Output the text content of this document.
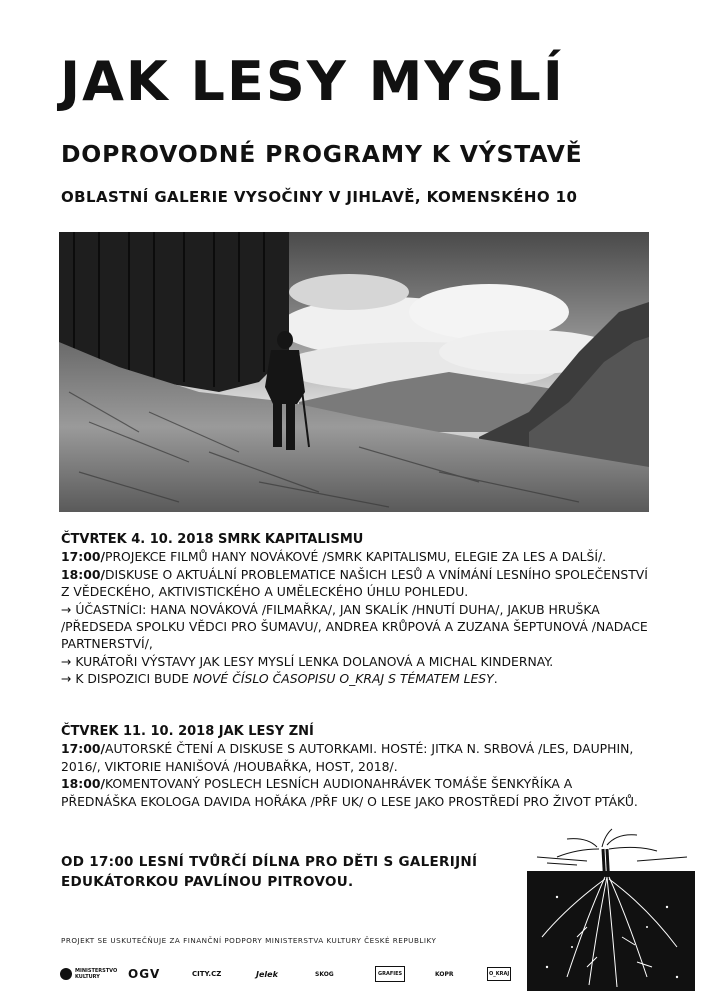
JAK LESY MYSLÍ
DOPROVODNÉ PROGRAMY K VÝSTAVĚ
OBLASTNÍ GALERIE VYSOČINY V JIHLAVĚ, KOMENSKÉHO 10

ČTVRTEK 4. 10. 2018 SMRK KAPITALISMU

17:00/PROJEKCE FILMŮ HANY NOVÁKOVÉ /SMRK KAPITALISMU, ELEGIE ZA LES A DALŠÍ/.

18:00/DISKUSE O AKTUÁLNÍ PROBLEMATICE NAŠICH LESŮ A VNÍMÁNÍ LESNÍHO SPOLEČENSTVÍ Z VĚDECKÉHO, AKTIVISTICKÉHO A UMĚLECKÉHO ÚHLU POHLEDU.

→ ÚČASTNÍCI: HANA NOVÁKOVÁ /FILMAŘKA/, JAN SKALÍK /HNUTÍ DUHA/, JAKUB HRUŠKA /PŘEDSEDA SPOLKU VĚDCI PRO ŠUMAVU/, ANDREA KRŮPOVÁ A ZUZANA ŠEPTUNOVÁ /NADACE PARTNERSTVÍ/,

→ KURÁTOŘI VÝSTAVY JAK LESY MYSLÍ LENKA DOLANOVÁ A MICHAL KINDERNAY.

→ K DISPOZICI BUDE NOVÉ ČÍSLO ČASOPISU O_KRAJ S TÉMATEM LESY.

ČTVREK 11. 10. 2018 JAK LESY ZNÍ

17:00/AUTORSKÉ ČTENÍ A DISKUSE S AUTORKAMI. HOSTÉ: JITKA N. SRBOVÁ /LES, DAUPHIN, 2016/, VIKTORIE HANIŠOVÁ /HOUBAŘKA, HOST, 2018/.

18:00/KOMENTOVANÝ POSLECH LESNÍCH AUDIONAHRÁVEK TOMÁŠE ŠENKYŘÍKA A PŘEDNÁŠKA EKOLOGA DAVIDA HOŘÁKA /PŘF UK/ O LESE JAKO PROSTŘEDÍ PRO ŽIVOT PTÁKŮ.

OD 17:00 LESNÍ TVŮRČÍ DÍLNA PRO DĚTI S GALERIJNÍ EDUKÁTORKOU PAVLÍNOU PITROVOU.
PROJEKT SE USKUTEČŇUJE ZA FINANČNÍ PODPORY MINISTERSTVA KULTURY ČESKÉ REPUBLIKY
MINISTERSTVO KULTURY OGV	CITY.CZ	Jelek	SKOG	GRAFIES	KOPR	O_KRAJ
